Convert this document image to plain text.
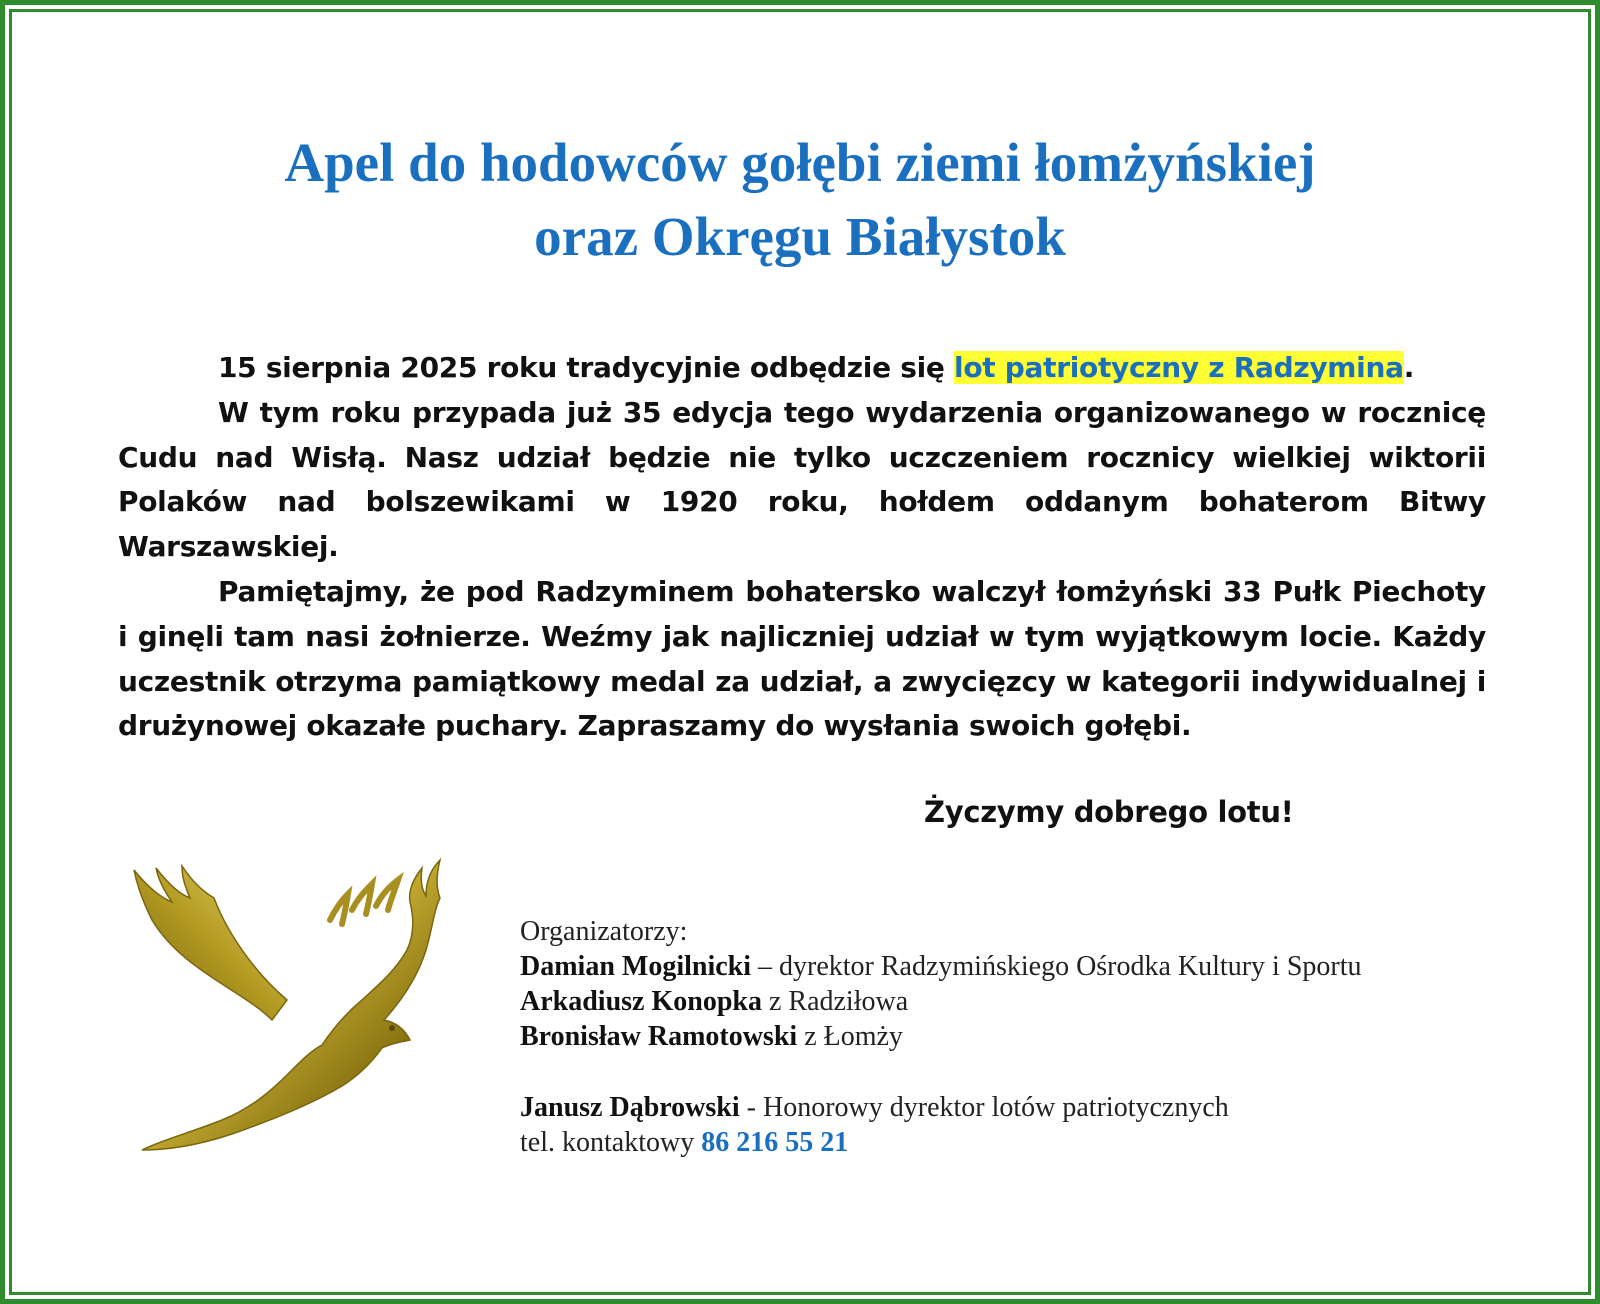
Apel do hodowców gołębi ziemi łomżyńskiej
oraz Okręgu Białystok

15 sierpnia 2025 roku tradycyjnie odbędzie się lot patriotyczny z Radzymina.

W tym roku przypada już 35 edycja tego wydarzenia organizowanego w rocznicę Cudu nad Wisłą. Nasz udział będzie nie tylko uczczeniem rocznicy wielkiej wiktorii Polaków nad bolszewikami w 1920 roku, hołdem oddanym bohaterom Bitwy Warszawskiej.

Pamiętajmy, że pod Radzyminem bohatersko walczył łomżyński 33 Pułk Piechoty i ginęli tam nasi żołnierze. Weźmy jak najliczniej udział w tym wyjątkowym locie. Każdy uczestnik otrzyma pamiątkowy medal za udział, a zwycięzcy w kategorii indywidualnej i drużynowej okazałe puchary. Zapraszamy do wysłania swoich gołębi.

Życzymy dobrego lotu!
Organizatorzy:
Damian Mogilnicki – dyrektor Radzymińskiego Ośrodka Kultury i Sportu
Arkadiusz Konopka z Radziłowa
Bronisław Ramotowski z Łomży
Janusz Dąbrowski - Honorowy dyrektor lotów patriotycznych
tel. kontaktowy 86 216 55 21
